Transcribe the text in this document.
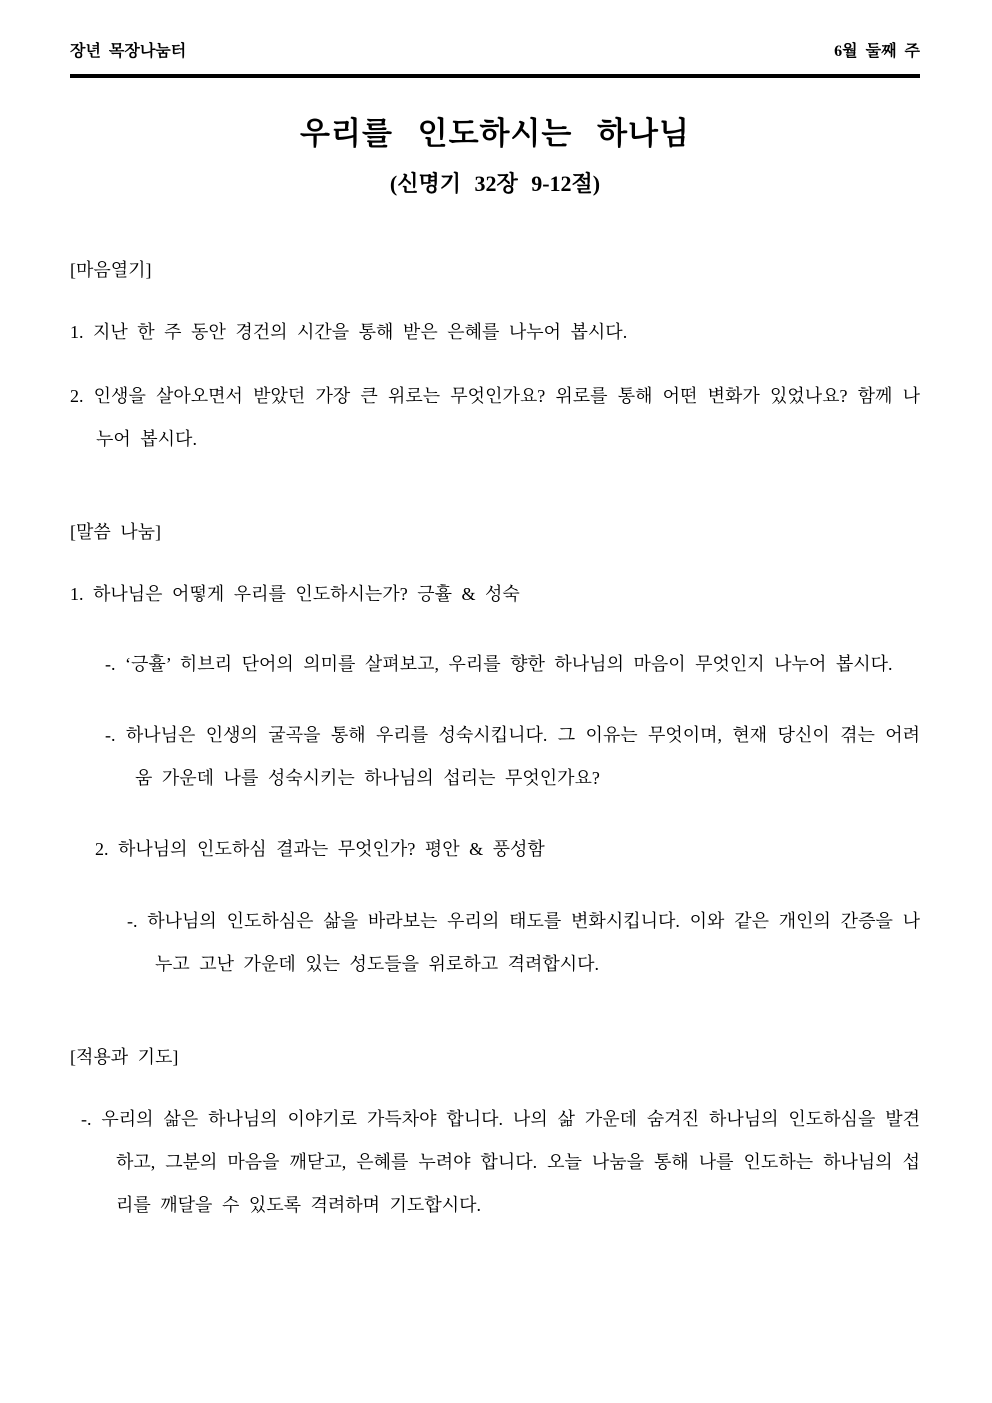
장년 목장나눔터	6월 둘째 주
우리를 인도하시는 하나님
(신명기 32장 9-12절)
[마음열기]

1. 지난 한 주 동안 경건의 시간을 통해 받은 은혜를 나누어 봅시다.

2. 인생을 살아오면서 받았던 가장 큰 위로는 무엇인가요? 위로를 통해 어떤 변화가 있었나요? 함께 나누어 봅시다.

[말씀 나눔]

1. 하나님은 어떻게 우리를 인도하시는가? 긍휼 & 성숙

-. ‘긍휼’ 히브리 단어의 의미를 살펴보고, 우리를 향한 하나님의 마음이 무엇인지 나누어 봅시다.

-. 하나님은 인생의 굴곡을 통해 우리를 성숙시킵니다. 그 이유는 무엇이며, 현재 당신이 겪는 어려움 가운데 나를 성숙시키는 하나님의 섭리는 무엇인가요?

2. 하나님의 인도하심 결과는 무엇인가? 평안 & 풍성함

-. 하나님의 인도하심은 삶을 바라보는 우리의 태도를 변화시킵니다. 이와 같은 개인의 간증을 나누고 고난 가운데 있는 성도들을 위로하고 격려합시다.

[적용과 기도]

-. 우리의 삶은 하나님의 이야기로 가득차야 합니다. 나의 삶 가운데 숨겨진 하나님의 인도하심을 발견하고, 그분의 마음을 깨닫고, 은혜를 누려야 합니다. 오늘 나눔을 통해 나를 인도하는 하나님의 섭리를 깨달을 수 있도록 격려하며 기도합시다.
